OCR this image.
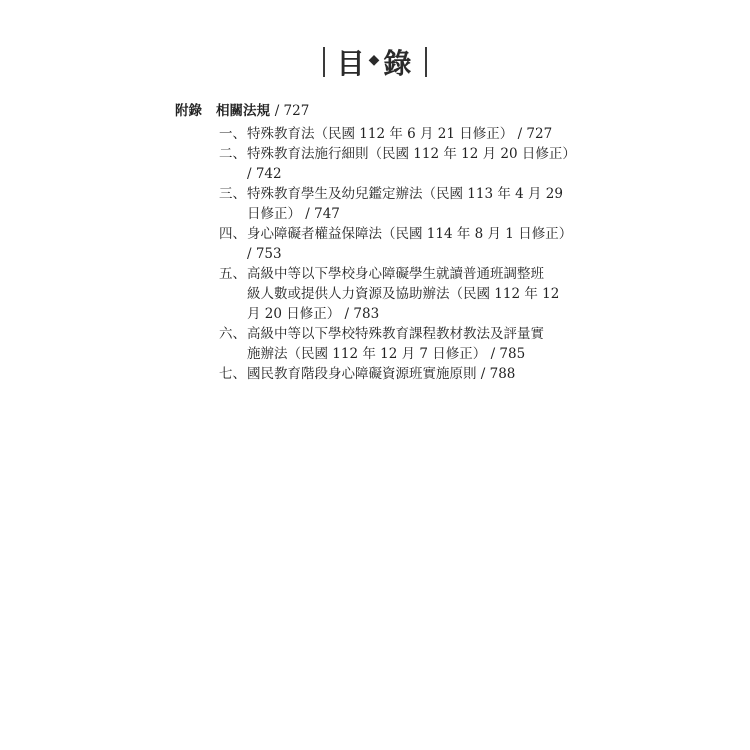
目 ◆錄
附錄 相關法規 / 727
一、 特殊教育法（民國 112 年 6 月 21 日修正） / 727
二、 特殊教育法施行細則（民國 112 年 12 月 20 日修正）
/ 742
三、 特殊教育學生及幼兒鑑定辦法（民國 113 年 4 月 29
日修正） / 747
四、 身心障礙者權益保障法（民國 114 年 8 月 1 日修正）
/ 753
五、 高級中等以下學校身心障礙學生就讀普通班調整班
級人數或提供人力資源及協助辦法（民國 112 年 12
月 20 日修正） / 783
六、 高級中等以下學校特殊教育課程教材教法及評量實
施辦法（民國 112 年 12 月 7 日修正） / 785
七、 國民教育階段身心障礙資源班實施原則 / 788
